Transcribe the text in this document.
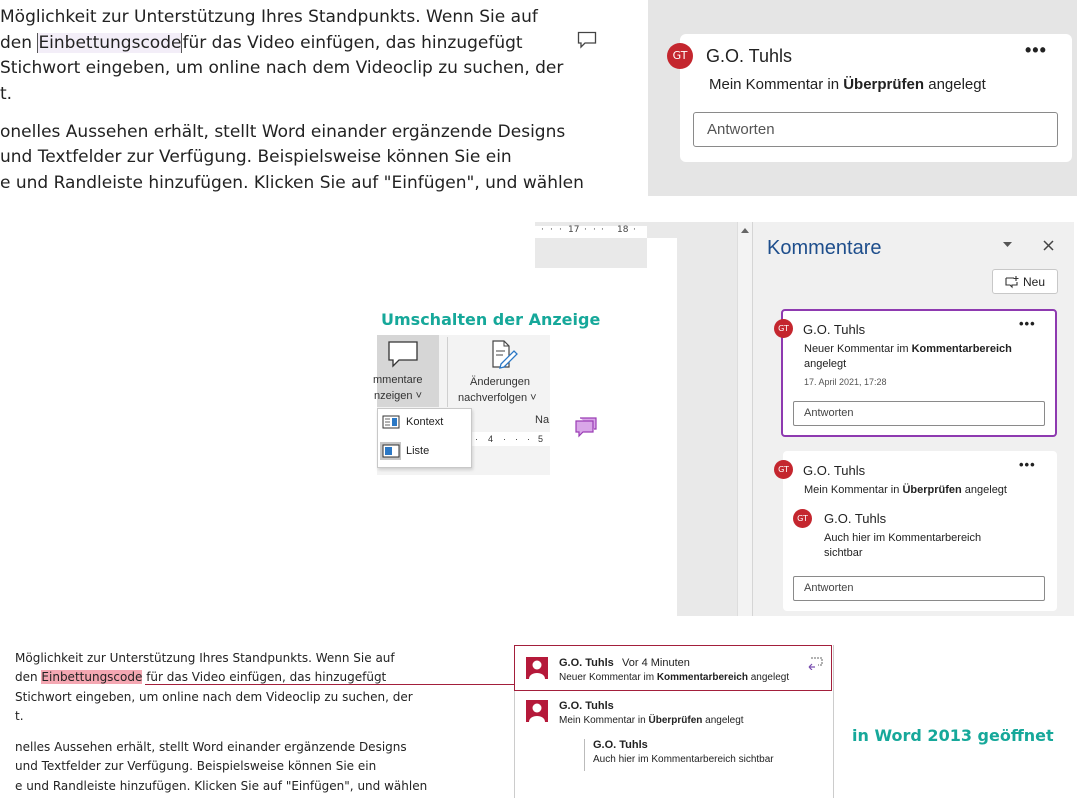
Möglichkeit zur Unterstützung Ihres Standpunkts. Wenn Sie auf
den Einbettungscodefür das Video einfügen, das hinzugefügt
Stichwort eingeben, um online nach dem Videoclip zu suchen, der
t.
onelles Aussehen erhält, stellt Word einander ergänzende Designs
und Textfelder zur Verfügung. Beispielsweise können Sie ein
e und Randleiste hinzufügen. Klicken Sie auf "Einfügen", und wählen
GT	G.O. Tuhls	•••
Mein Kommentar in Überprüfen angelegt
Antworten
· · · 17 · · · 18 ·
Kommentare
Neu
GT	G.O. Tuhls	•••
Neuer Kommentar im Kommentarbereich
angelegt
17. April 2021, 17:28
Antworten
GT	G.O. Tuhls	•••
Mein Kommentar in Überprüfen angelegt
GT	G.O. Tuhls
Auch hier im Kommentarbereich
sichtbar
Antworten
Umschalten der Anzeige
mmentare
nzeigen ˅
Änderungen
nachverfolgen ˅
Na
· 4 · · · 5
Kontext
Liste
Möglichkeit zur Unterstützung Ihres Standpunkts. Wenn Sie auf
den Einbettungscode für das Video einfügen, das hinzugefügt
Stichwort eingeben, um online nach dem Videoclip zu suchen, der
t.
nelles Aussehen erhält, stellt Word einander ergänzende Designs
und Textfelder zur Verfügung. Beispielsweise können Sie ein
e und Randleiste hinzufügen. Klicken Sie auf "Einfügen", und wählen
G.O. Tuhls Vor 4 Minuten
Neuer Kommentar im Kommentarbereich angelegt
G.O. Tuhls
Mein Kommentar in Überprüfen angelegt
G.O. Tuhls
Auch hier im Kommentarbereich sichtbar
in Word 2013 geöffnet
